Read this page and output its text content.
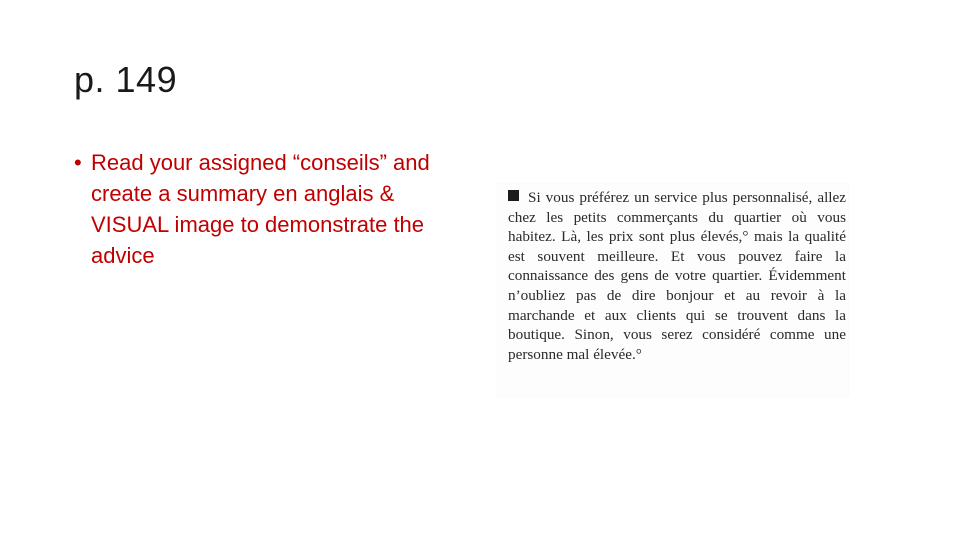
p. 149
• Read your assigned “conseils” and create a summary en anglais & VISUAL image to demonstrate the advice

Si vous préférez un service plus personnalisé, allez chez les petits commerçants du quartier où vous habitez. Là, les prix sont plus élevés,° mais la qualité est souvent meilleure. Et vous pouvez faire la connaissance des gens de votre quartier. Évidemment n’oubliez pas de dire bonjour et au revoir à la marchande et aux clients qui se trouvent dans la boutique. Sinon, vous serez considéré comme une personne mal élevée.°
